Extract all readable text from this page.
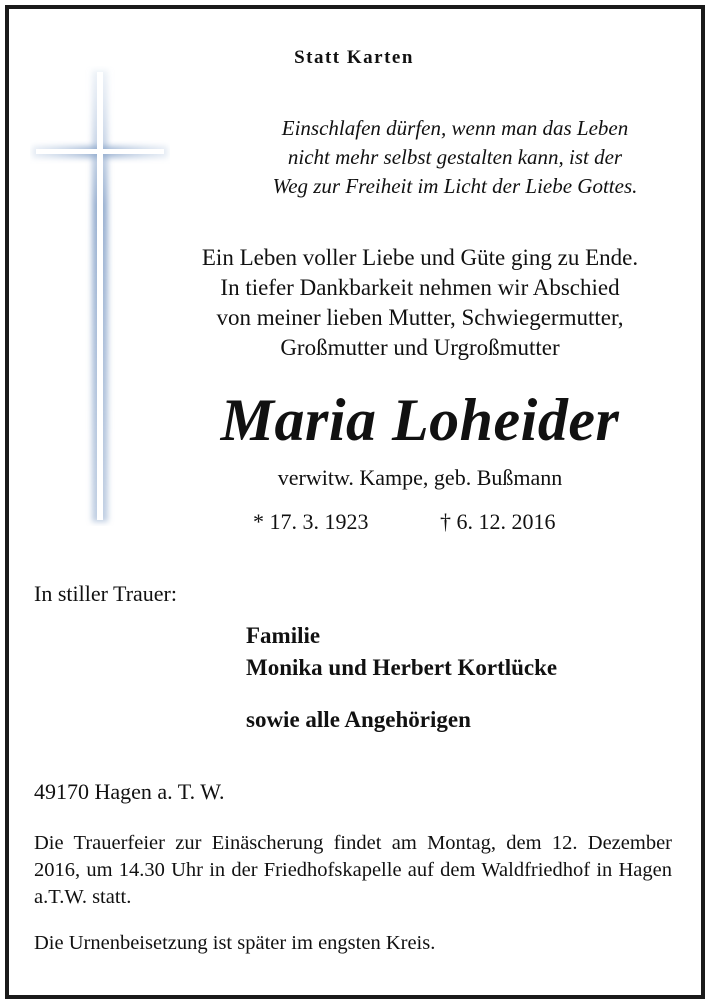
Statt Karten
Einschlafen dürfen, wenn man das Leben
nicht mehr selbst gestalten kann, ist der
Weg zur Freiheit im Licht der Liebe Gottes.
Ein Leben voller Liebe und Güte ging zu Ende.
In tiefer Dankbarkeit nehmen wir Abschied
von meiner lieben Mutter, Schwiegermutter,
Großmutter und Urgroßmutter
Maria Loheider
verwitw. Kampe, geb. Bußmann
* 17. 3. 1923	† 6. 12. 2016
In stiller Trauer:
Familie
Monika und Herbert Kortlücke
sowie alle Angehörigen
49170 Hagen a. T. W.
Die Trauerfeier zur Einäscherung findet am Montag, dem 12. Dezember 2016, um 14.30 Uhr in der Friedhofskapelle auf dem Waldfriedhof in Hagen a.T.W. statt.
Die Urnenbeisetzung ist später im engsten Kreis.
